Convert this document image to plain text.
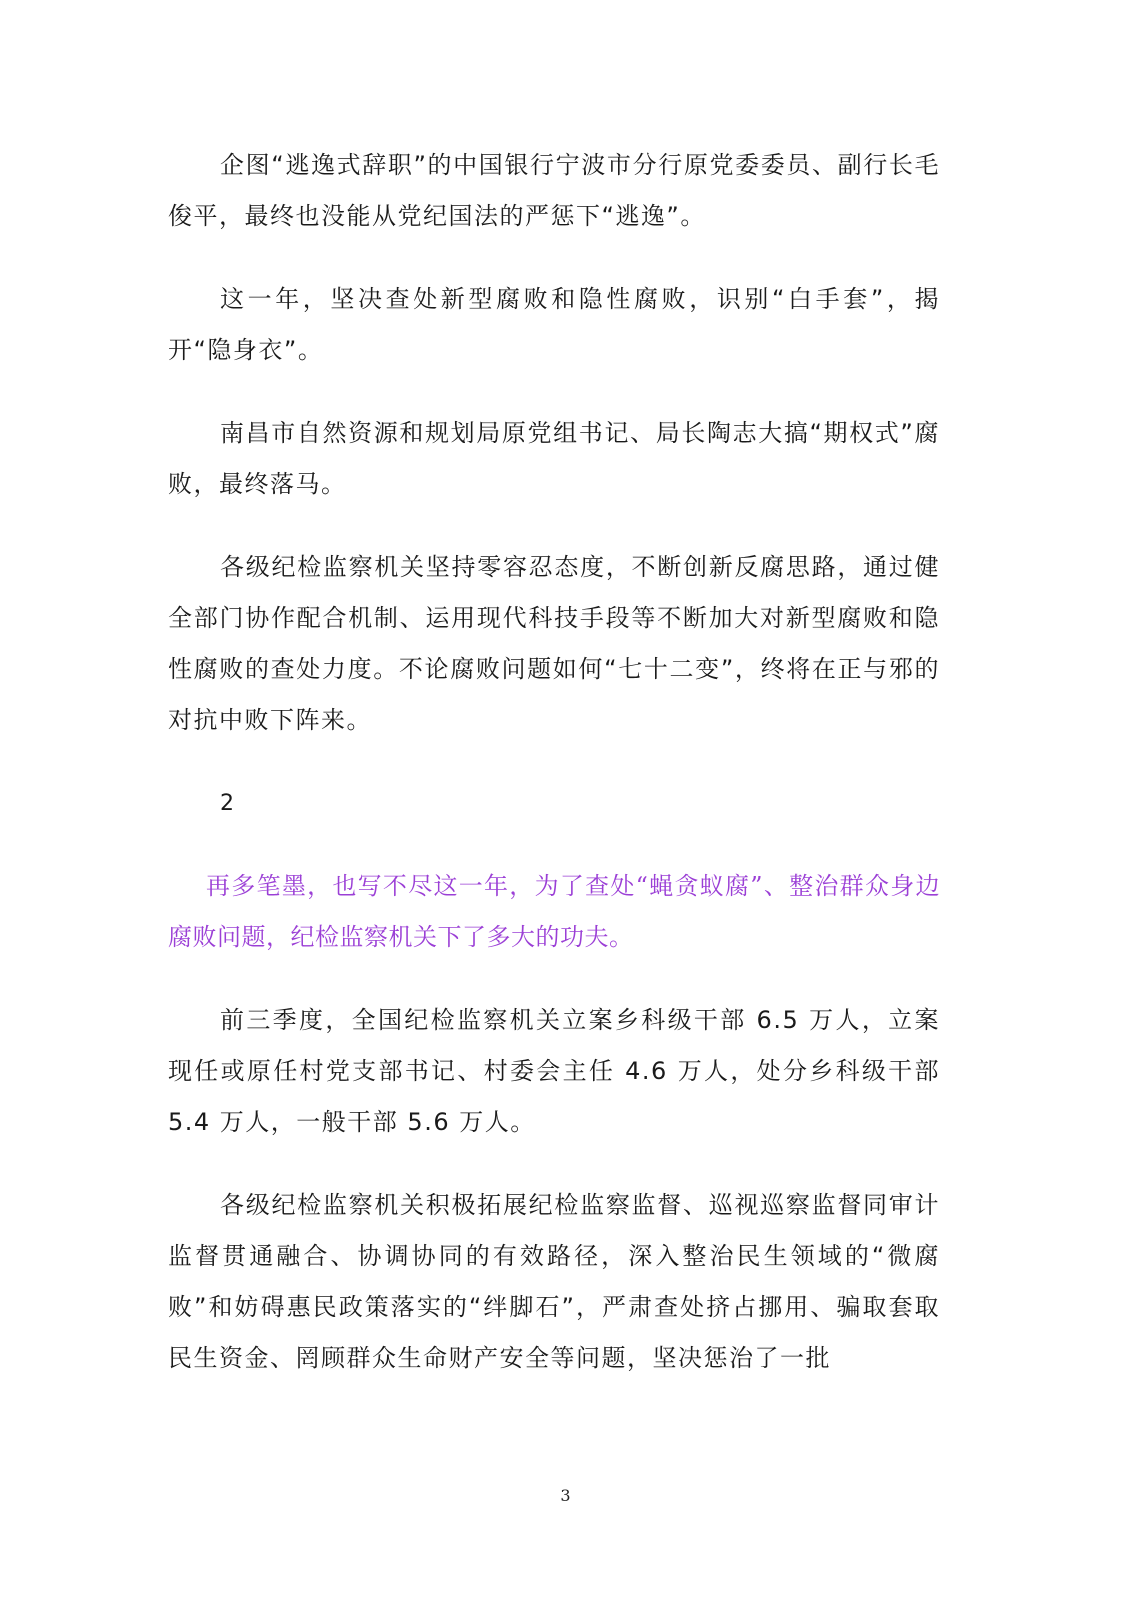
企图“逃逸式辞职”的中国银行宁波市分行原党委委员、副行长毛俊平，最终也没能从党纪国法的严惩下“逃逸”。

这一年，坚决查处新型腐败和隐性腐败，识别“白手套”，揭开“隐身衣”。

南昌市自然资源和规划局原党组书记、局长陶志大搞“期权式”腐败，最终落马。

各级纪检监察机关坚持零容忍态度，不断创新反腐思路，通过健全部门协作配合机制、运用现代科技手段等不断加大对新型腐败和隐性腐败的查处力度。不论腐败问题如何“七十二变”，终将在正与邪的对抗中败下阵来。

2

再多笔墨，也写不尽这一年，为了查处“蝇贪蚁腐”、整治群众身边腐败问题，纪检监察机关下了多大的功夫。

前三季度，全国纪检监察机关立案乡科级干部 6.5 万人，立案现任或原任村党支部书记、村委会主任 4.6 万人，处分乡科级干部 5.4 万人，一般干部 5.6 万人。

各级纪检监察机关积极拓展纪检监察监督、巡视巡察监督同审计监督贯通融合、协调协同的有效路径，深入整治民生领域的“微腐败”和妨碍惠民政策落实的“绊脚石”，严肃查处挤占挪用、骗取套取民生资金、罔顾群众生命财产安全等问题，坚决惩治了一批

3
